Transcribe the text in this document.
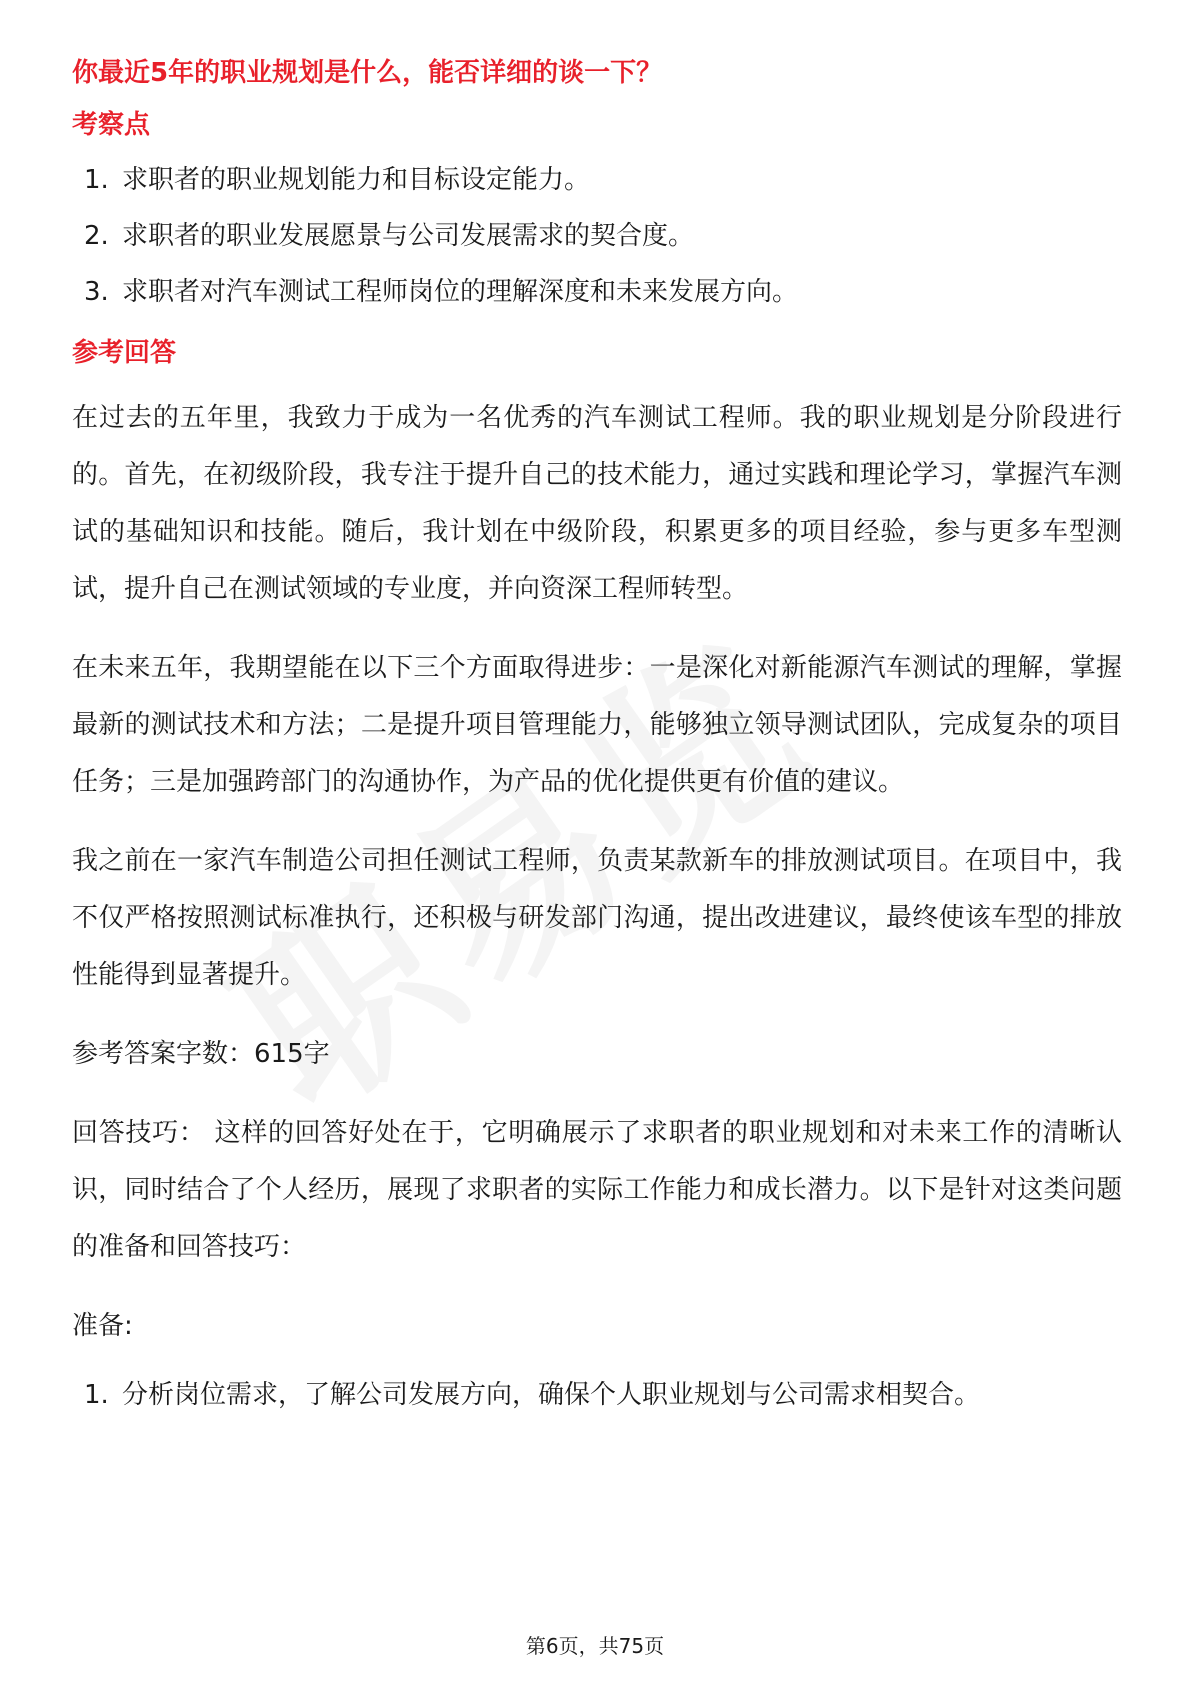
你最近5年的职业规划是什么，能否详细的谈一下？
考察点
1. 求职者的职业规划能力和目标设定能力。
2. 求职者的职业发展愿景与公司发展需求的契合度。
3. 求职者对汽车测试工程师岗位的理解深度和未来发展方向。
参考回答

在过去的五年里，我致力于成为一名优秀的汽车测试工程师。我的职业规划是分阶段进行的。首先，在初级阶段，我专注于提升自己的技术能力，通过实践和理论学习，掌握汽车测试的基础知识和技能。随后，我计划在中级阶段，积累更多的项目经验，参与更多车型测试，提升自己在测试领域的专业度，并向资深工程师转型。

在未来五年，我期望能在以下三个方面取得进步：一是深化对新能源汽车测试的理解，掌握最新的测试技术和方法；二是提升项目管理能力，能够独立领导测试团队，完成复杂的项目任务；三是加强跨部门的沟通协作，为产品的优化提供更有价值的建议。

我之前在一家汽车制造公司担任测试工程师，负责某款新车的排放测试项目。在项目中，我不仅严格按照测试标准执行，还积极与研发部门沟通，提出改进建议，最终使该车型的排放性能得到显著提升。

参考答案字数：615字

回答技巧： 这样的回答好处在于，它明确展示了求职者的职业规划和对未来工作的清晰认识，同时结合了个人经历，展现了求职者的实际工作能力和成长潜力。以下是针对这类问题的准备和回答技巧：

准备:

1. 分析岗位需求，了解公司发展方向，确保个人职业规划与公司需求相契合。
第6页，共75页
